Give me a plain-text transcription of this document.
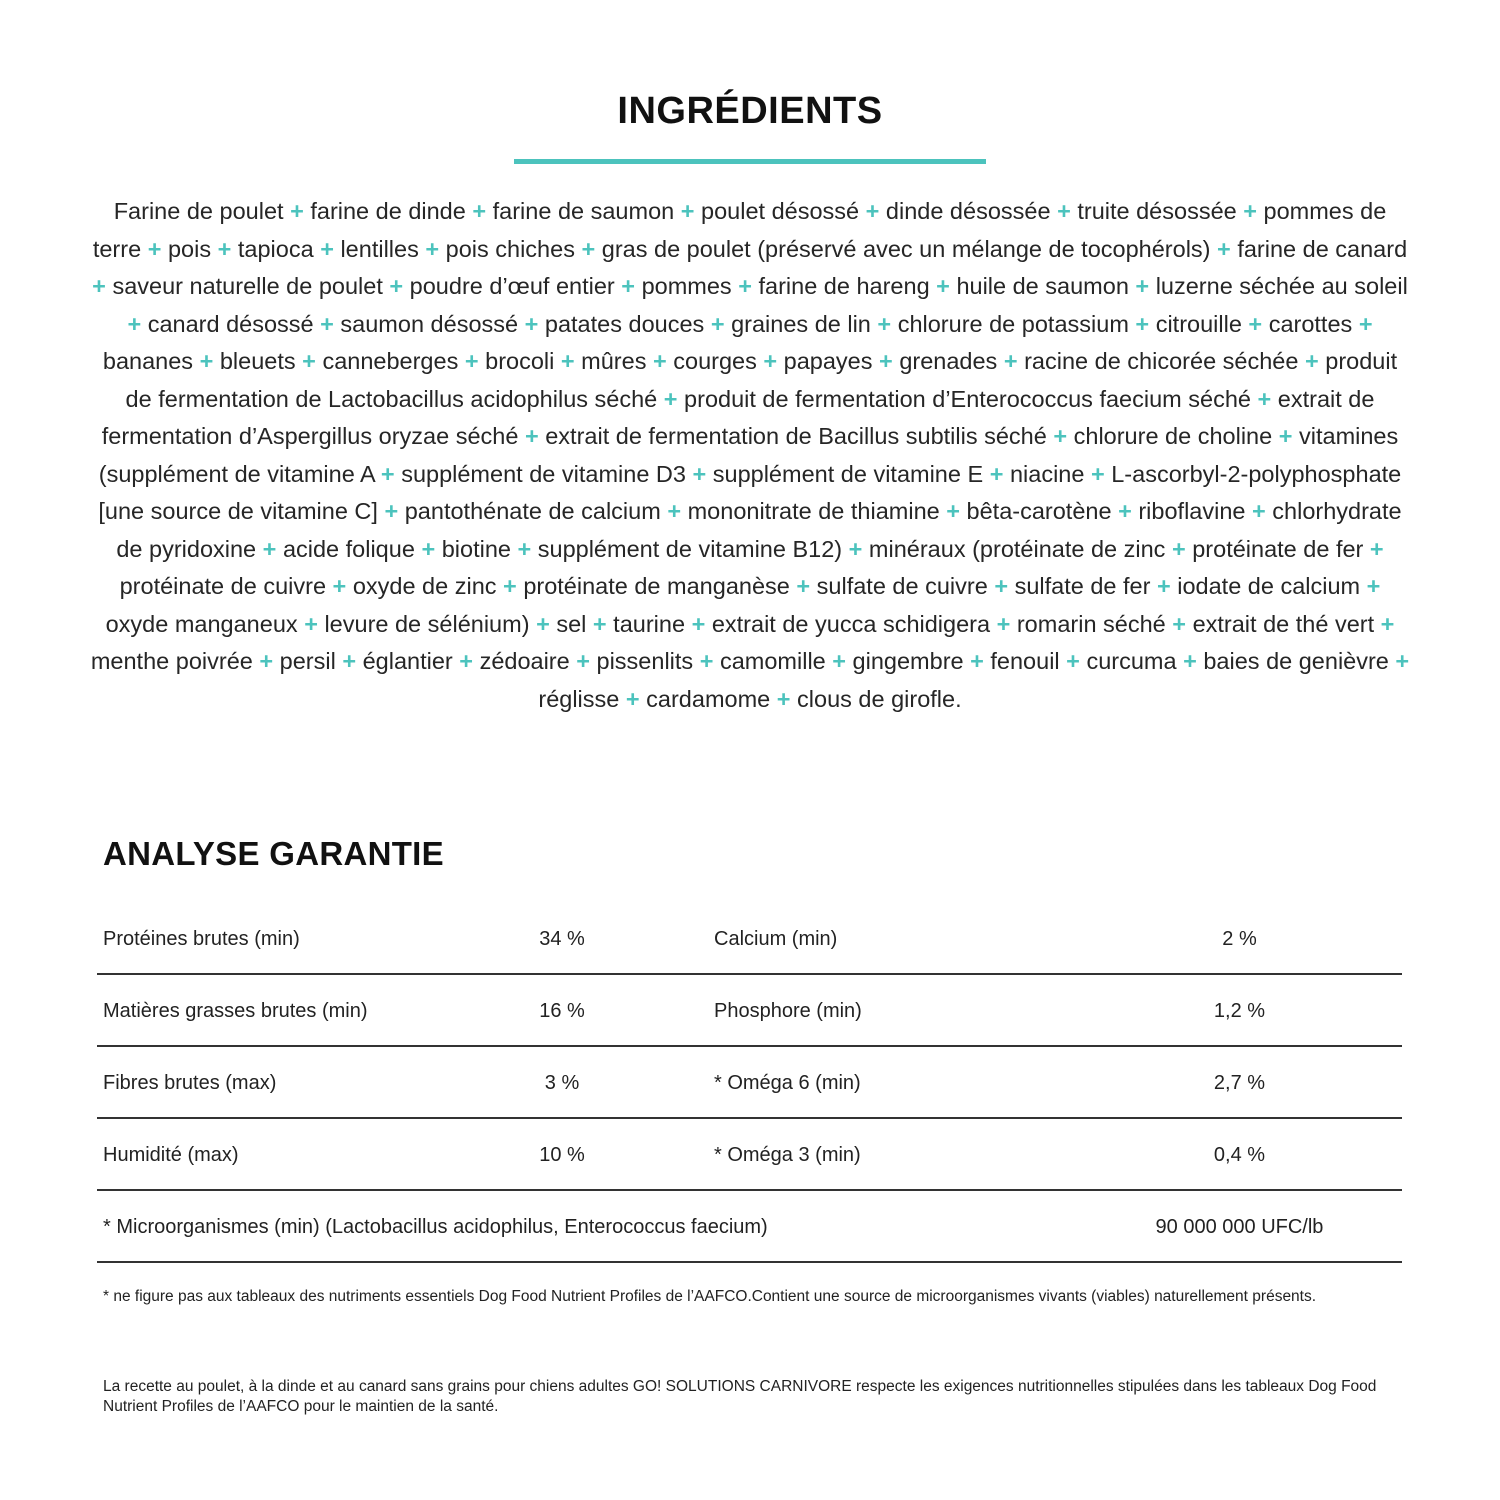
INGRÉDIENTS
Farine de poulet + farine de dinde + farine de saumon + poulet désossé + dinde désossée + truite désossée + pommes de terre + pois + tapioca + lentilles + pois chiches + gras de poulet (préservé avec un mélange de tocophérols) + farine de canard + saveur naturelle de poulet + poudre d’œuf entier + pommes + farine de hareng + huile de saumon + luzerne séchée au soleil + canard désossé + saumon désossé + patates douces + graines de lin + chlorure de potassium + citrouille + carottes + bananes + bleuets + canneberges + brocoli + mûres + courges + papayes + grenades + racine de chicorée séchée + produit de fermentation de Lactobacillus acidophilus séché + produit de fermentation d’Enterococcus faecium séché + extrait de fermentation d’Aspergillus oryzae séché + extrait de fermentation de Bacillus subtilis séché + chlorure de choline + vitamines (supplément de vitamine A + supplément de vitamine D3 + supplément de vitamine E + niacine + L-ascorbyl-2-polyphosphate [une source de vitamine C] + pantothénate de calcium + mononitrate de thiamine + bêta-carotène + riboflavine + chlorhydrate de pyridoxine + acide folique + biotine + supplément de vitamine B12) + minéraux (protéinate de zinc + protéinate de fer + protéinate de cuivre + oxyde de zinc + protéinate de manganèse + sulfate de cuivre + sulfate de fer + iodate de calcium + oxyde manganeux + levure de sélénium) + sel + taurine + extrait de yucca schidigera + romarin séché + extrait de thé vert + menthe poivrée + persil + églantier + zédoaire + pissenlits + camomille + gingembre + fenouil + curcuma + baies de genièvre + réglisse + cardamome + clous de girofle.
ANALYSE GARANTIE
Protéines brutes (min)	34 %	Calcium (min)	2 %
Matières grasses brutes (min)	16 %	Phosphore (min)	1,2 %
Fibres brutes (max)	3 %	* Oméga 6 (min)	2,7 %
Humidité (max)	10 %	* Oméga 3 (min)	0,4 %
* Microorganismes (min) (Lactobacillus acidophilus, Enterococcus faecium)	90 000 000 UFC/lb
* ne figure pas aux tableaux des nutriments essentiels Dog Food Nutrient Profiles de l’AAFCO.Contient une source de microorganismes vivants (viables) naturellement présents.
La recette au poulet, à la dinde et au canard sans grains pour chiens adultes GO! SOLUTIONS CARNIVORE respecte les exigences nutritionnelles stipulées dans les tableaux Dog Food Nutrient Profiles de l’AAFCO pour le maintien de la santé.
